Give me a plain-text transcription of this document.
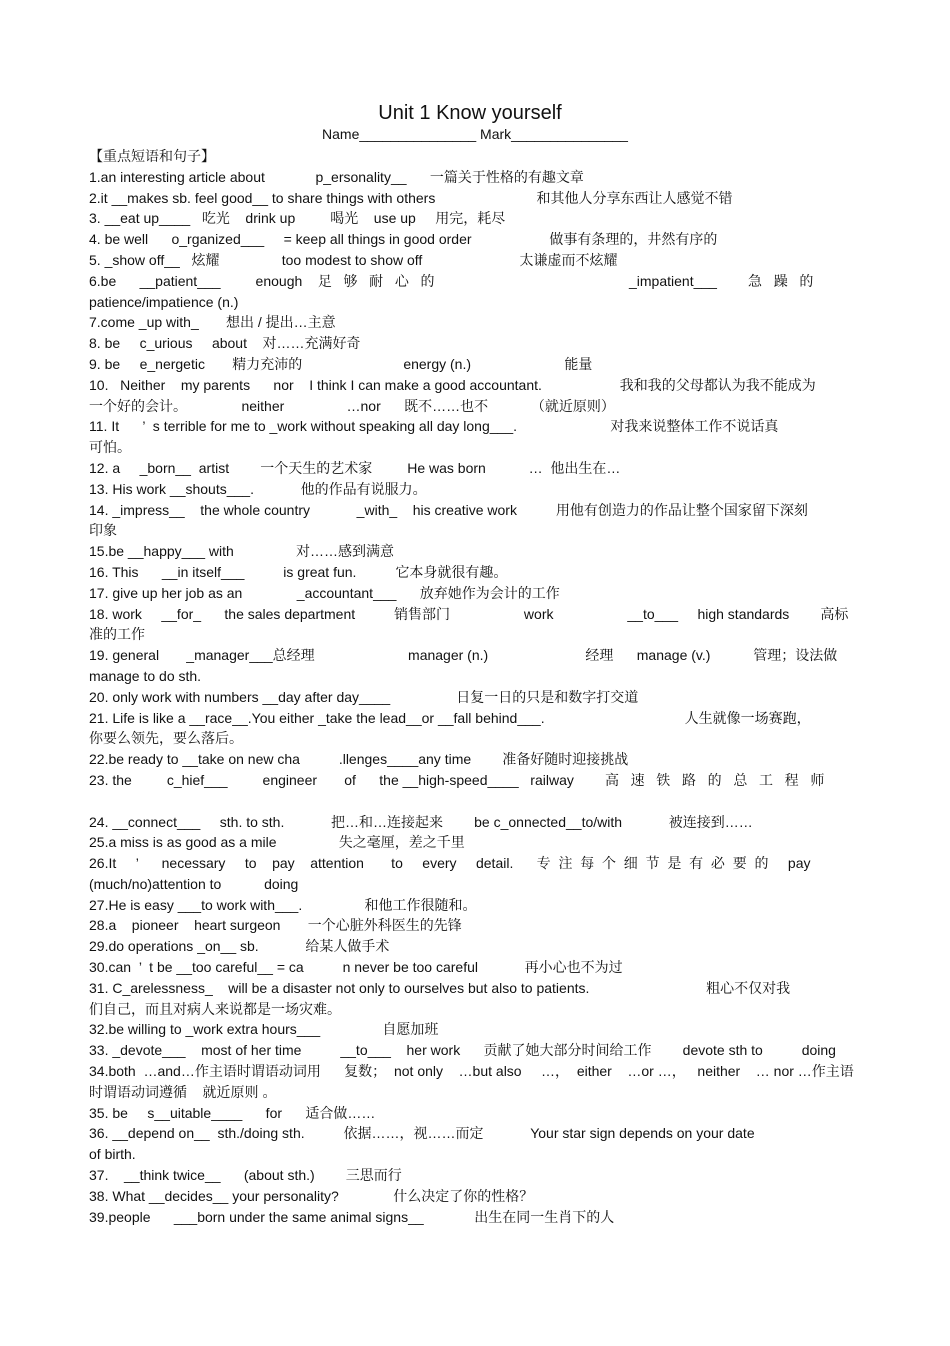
Unit 1 Know yourself
Name_______________ Mark_______________
【重点短语和句子】
1.an interesting article about             p_ersonality__      一篇关于性格的有趣文章
2.it __makes sb. feel good__ to share things with others                          和其他人分享东西让人感觉不错
3. __eat up____   吃光    drink up         喝光    use up     用完，耗尽
4. be well      o_rganized___     = keep all things in good order                    做事有条理的，井然有序的
5. _show off__   炫耀                too modest to show off                         太谦虚而不炫耀
6.be      __patient___         enough    足   够   耐   心   的                                                  _impatient___        急   躁   的
patience/impatience (n.)
7.come _up with_       想出 / 提出…主意
8. be     c_urious     about    对……充满好奇
9. be     e_nergetic       精力充沛的                          energy (n.)                        能量
10.   Neither    my parents      nor    I think I can make a good accountant.                    我和我的父母都认为我不能成为
一个好的会计。              neither                …nor      既不……也不           （就近原则）
11. It      ’  s terrible for me to _work without speaking all day long___.                        对我来说整体工作不说话真
可怕。
12. a     _born__  artist        一个天生的艺术家         He was born           …  他出生在…
13. His work __shouts___.            他的作品有说服力。
14. _impress__    the whole country            _with_    his creative work          用他有创造力的作品让整个国家留下深刻
印象
15.be __happy___ with                对……感到满意
16. This      __in itself___          is great fun.          它本身就很有趣。
17. give up her job as an              _accountant___      放弃她作为会计的工作
18. work     __for_      the sales department          销售部门                   work                   __to___     high standards        高标
准的工作
19. general       _manager___总经理                        manager (n.)                         经理      manage (v.)           管理；设法做
manage to do sth.
20. only work with numbers __day after day____                 日复一日的只是和数字打交道
21. Life is like a __race__.You either _take the lead__or __fall behind___.                                    人生就像一场赛跑，
你要么领先，要么落后。
22.be ready to __take on new cha          .llenges____any time        准备好随时迎接挑战
23. the         c_hief___         engineer       of      the __high-speed____   railway        高   速   铁   路   的   总   工   程   师
24. __connect___     sth. to sth.            把…和…连接起来        be c_onnected__to/with            被连接到……
25.a miss is as good as a mile                失之毫厘，差之千里
26.It     ’      necessary     to    pay    attention       to     every     detail.      专  注  每  个  细  节  是  有  必  要  的     pay
(much/no)attention to           doing
27.He is easy ___to work with___.                和他工作很随和。
28.a    pioneer    heart surgeon       一个心脏外科医生的先锋
29.do operations _on__ sb.            给某人做手术
30.can  ’  t be __too careful__ = ca          n never be too careful            再小心也不为过
31. C_arelessness_    will be a disaster not only to ourselves but also to patients.                              粗心不仅对我
们自己，而且对病人来说都是一场灾难。
32.be willing to _work extra hours___                自愿加班
33. _devote___    most of her time          __to___    her work      贡献了她大部分时间给工作        devote sth to          doing
34.both  …and…作主语时谓语动词用      复数；  not only    …but also     …，  either    …or …，   neither    … nor …作主语
时谓语动词遵循    就近原则 。
35. be     s__uitable____      for      适合做……
36. __depend on__  sth./doing sth.          依据……，视……而定            Your star sign depends on your date
of birth.
37.    __think twice__      (about sth.)        三思而行
38. What __decides__ your personality?              什么决定了你的性格？
39.people      ___born under the same animal signs__             出生在同一生肖下的人
